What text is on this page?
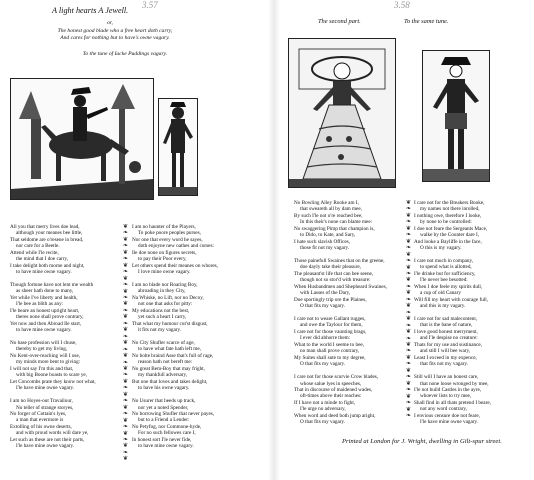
3.57	3.58
A light hearts A Jewell.
or,
The honest good blade who a free heart doth carry,
And cares for nothing but to have's owne vagary.
To the tune of Iacke Puddings vagary.
All you that merry lives doe lead,
although your meanes bee little,
That seldome are o'resene in bread,
nor care for a Beetle.
Attend while I'le recite,
the mind that I doe carry,
I take delight both morne and night,
to have mine owne vagary.
Though fortune have not lent me wealth
as sheer hath done to many,
Yet while I've liberty and health,
I'le bee as blith as any:
I'le beare an honest upright heart,
theres none shall prove contrary,
Yet now and then Abroad Ile start,
to have mine owne vagary.
No base profession will I chuse,
thereby to get my living,
No Kent-over-reaching will I use,
my minds more bent to giving:
I will not say I'm this and that,
with big Boone boasts to scare ye,
Let Concombs prate they know not what,
I'le have mine owne vagary.
I am no Hoyes-out Travailour,
No teller of strange storyes,
No forger of Cottain's lyes,
a man that evermore is
Extolling of his owne deserts,
and with proud words will dare ye,
Let such as these are not their parts,
I'le have mine owne vagary.
❦ ❧ ❦ ❧ ❦ ❧ ❦ ❧ ❦ ❧ ❦ ❧ ❦ ❧ ❦ ❧ ❦ ❧ ❦ ❧ ❦ ❧ ❦ ❧ ❦ ❧ ❦ ❧ ❦ ❧ ❦ ❧ ❦ ❧ ❦ ❧ ❦
I am no haunter of the Players,
To poke poore peoples purses,
Nor one that every word he sayes,
doth enjoyne new oathes and curses:
Ile doe none on figures secrets,
to pay their Poor every,
Let others spend their meanes on whores,
I love mine owne vagary.
I am no blade nor Roaring Boy,
abroading in they City,
Na Whiske, no Lift, nor no Decoy,
not one that asks for pitty:
My educations not the best,
yet such a heart I carry,
That what my humour cut'st disgust,
it fits not my vagary.
No City Shufler scarce of age,
to have what fate hath left me,
No bolte braind Asse that's full of rage,
reason hath not bereft me:
No great Bem-Boy that may fright,
my thankfull adversary,
But one that loves and takes delight,
to have his owne vagary.
No Usurer that heeds up track,
nor yet a noted Spender,
No borrowing Shufler that never payes,
but to a Friend a Lender:
No Petyfog, nor Commone-hyde,
For no such fellowes care I,
In honest sort I'le never fide,
to have mine owne vagary.
The second part.	To the same tune.
No Bowling Alley Rooke am I,
that sweareth all by dam mee,
By such I'le not o're reached bee,
In this their's none can blame mee:
No swaggering Pimp that champion is,
to Dido, to Kate, and Sary,
I hate such slavish Offices,
those fit not my vagary.
Those painefull Swaines that on the greene,
doe dayly take their pleasure,
The pleasant'st life that can bee seene,
though not so stor'd with treasure:
When Husbandmen and Shepheard Swaines,
with Lasses of the Dary,
Doe sportingly trip ore the Plaines,
O that fits my vagary.
I care not to weare Gallant rugges,
and owe the Taylour for them,
I care not for those vaunting brags,
I ever did abhorre them:
What to the world I seeme to bee,
no man shall prove contrary,
My Suites shall sute to my degree,
O that fits my vagary.
I care not for those scurvie Crow blades,
whose salue lyes in speeches,
That in discourse of maidened wades,
oft-times above their reaches:
If I have not a minde to fight,
I'le urge no adversary,
When word and deed both jump aright,
O that fits my vagary.
❦ ❧ ❦ ❧ ❦ ❧ ❦ ❧ ❦ ❧ ❦ ❧ ❦ ❧ ❦ ❧ ❦ ❧ ❦ ❧ ❦ ❧ ❦ ❧ ❦ ❧ ❦ ❧ ❦ ❧ ❦ ❧ ❦ ❧
I care not for the Breakers Booke,
my names not there inrolled,
I nothing owe, therefore I looke,
by none to be controlled:
I doe not feare the Sergeants Mace,
walke by the Counter dare I,
And looke a Bayliffe in the face,
O this is my vagary.
I care not much in company,
to spend what is allotted,
I'le drinke but for sufficiency,
I'le never bee besotted:
When I doe feele my spirits dull,
a cup of old Canary
Will fill my heart with courage full,
and this is my vagary.
I care not for sad malecontent,
that is the bane of nature,
I love good honest merryment,
and I'le despise no creature:
Thats for my use and sustinance,
and still I will bee wary,
Least I exceed in my expence,
that fits not my vagary.
Still will I have an honest care,
that none loose wronged by mee,
I'le not build Castles in the ayre,
whoever lists to try mee,
Shall find in all thats pretend I beare,
not any word contrary,
I envious censure doe not feare,
I'le have mine owne vagary.
Printed at London for J. Wright, dwelling in Gilt-spur street.
